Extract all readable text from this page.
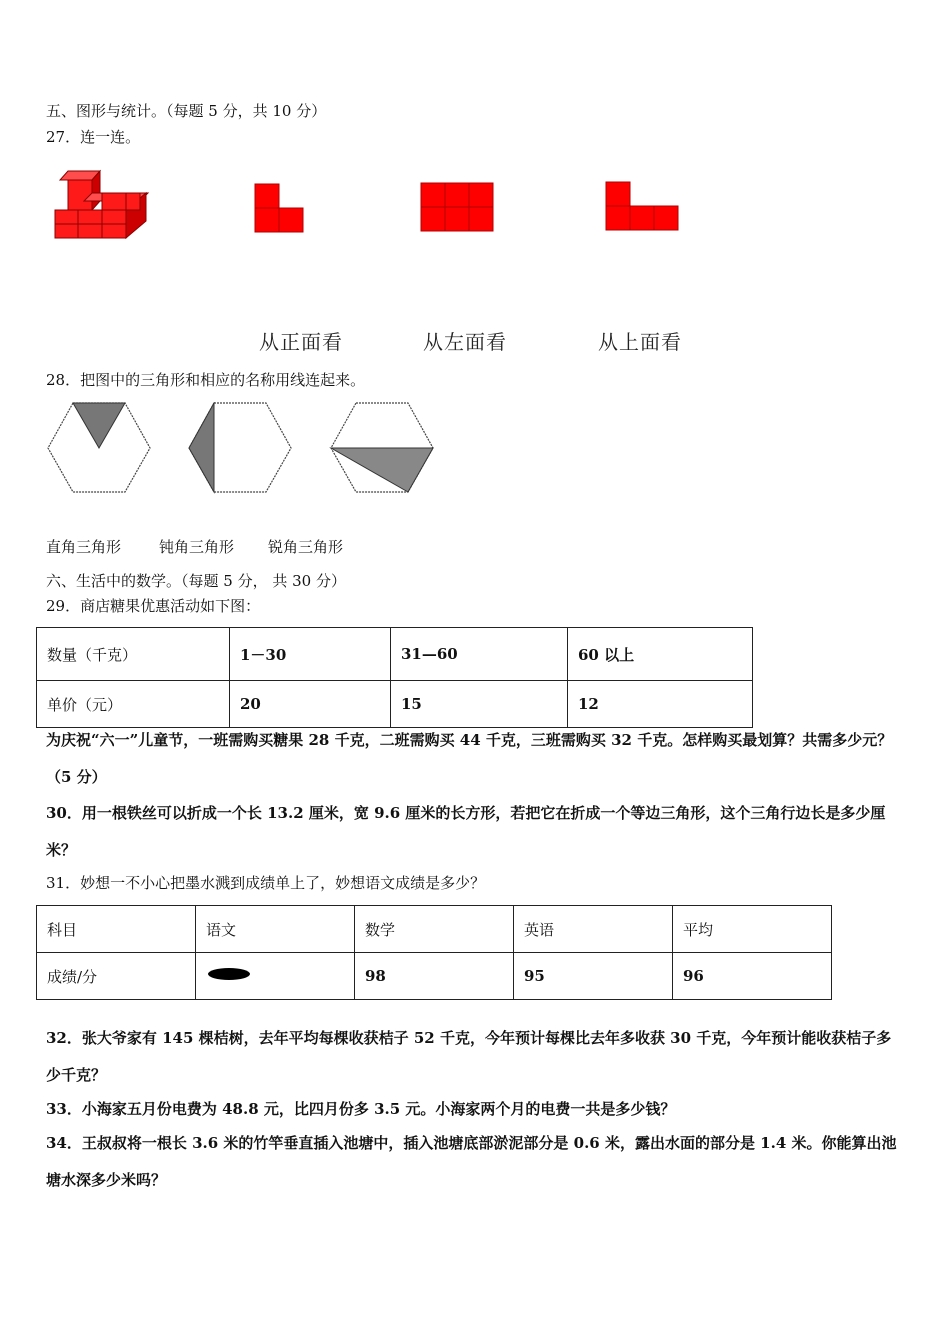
五、图形与统计。（每题 5 分，共 10 分）
27．连一连。
从正面看	从左面看	从上面看
28．把图中的三角形和相应的名称用线连起来。
直角三角形	钝角三角形 锐角三角形
六、生活中的数学。（每题 5 分， 共 30 分）
29．商店糖果优惠活动如下图：
数量（千克）	1－30	31—60	60 以上
单价（元）	20	15	12
为庆祝“六一”儿童节，一班需购买糖果 28 千克，二班需购买 44 千克，三班需购买 32 千克。怎样购买最划算？共需多少元？（5 分）
30．用一根铁丝可以折成一个长 13.2 厘米，宽 9.6 厘米的长方形，若把它在折成一个等边三角形，这个三角行边长是多少厘米？
31．妙想一不小心把墨水溅到成绩单上了，妙想语文成绩是多少？
科目	语文	数学	英语	平均
成绩/分		98	95	96
32．张大爷家有 145 棵桔树，去年平均每棵收获桔子 52 千克，今年预计每棵比去年多收获 30 千克，今年预计能收获桔子多少千克？
33．小海家五月份电费为 48.8 元，比四月份多 3.5 元。小海家两个月的电费一共是多少钱？
34．王叔叔将一根长 3.6 米的竹竿垂直插入池塘中，插入池塘底部淤泥部分是 0.6 米，露出水面的部分是 1.4 米。你能算出池塘水深多少米吗？
